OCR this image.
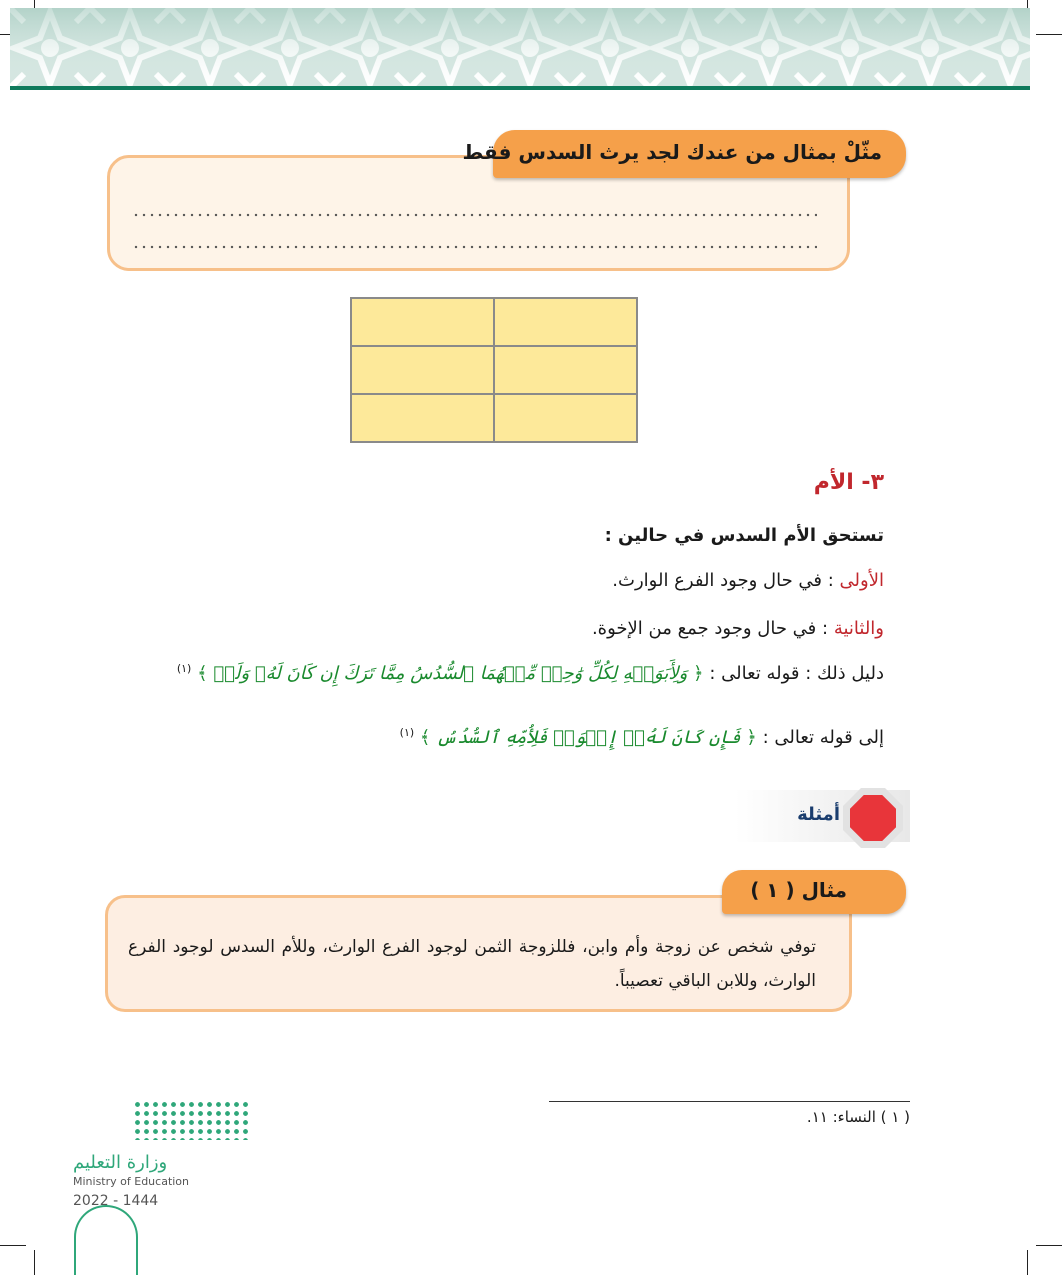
مثّلْ بمثال من عندك لجد يرث السدس فقط

٣- الأم
تستحق الأم السدس في حالين :
الأولى : في حال وجود الفرع الوارث.
والثانية : في حال وجود جمع من الإخوة.
دليل ذلك : قوله تعالى : ﴿ وَلِأَبَوَيۡهِ لِكُلِّ وَٰحِدٖ مِّنۡهُمَا ٱلسُّدُسُ مِمَّا تَرَكَ إِن كَانَ لَهُۥ وَلَدٞ ﴾ $^{(١)}$
إلى قوله تعالى : ﴿ فَإِن كَانَ لَهُۥٓ إِخۡوَةٞ فَلِأُمِّهِ ٱلسُّدُسُ ﴾ $^{(١)}$
أمثلة
مثال ( ١ )
توفي شخص عن زوجة وأم وابن، فللزوجة الثمن لوجود الفرع الوارث، وللأم السدس لوجود الفرع الوارث، وللابن الباقي تعصيباً.
( ١ ) النساء: ١١.
وزارة التعليم
Ministry of Education
2022 - 1444
